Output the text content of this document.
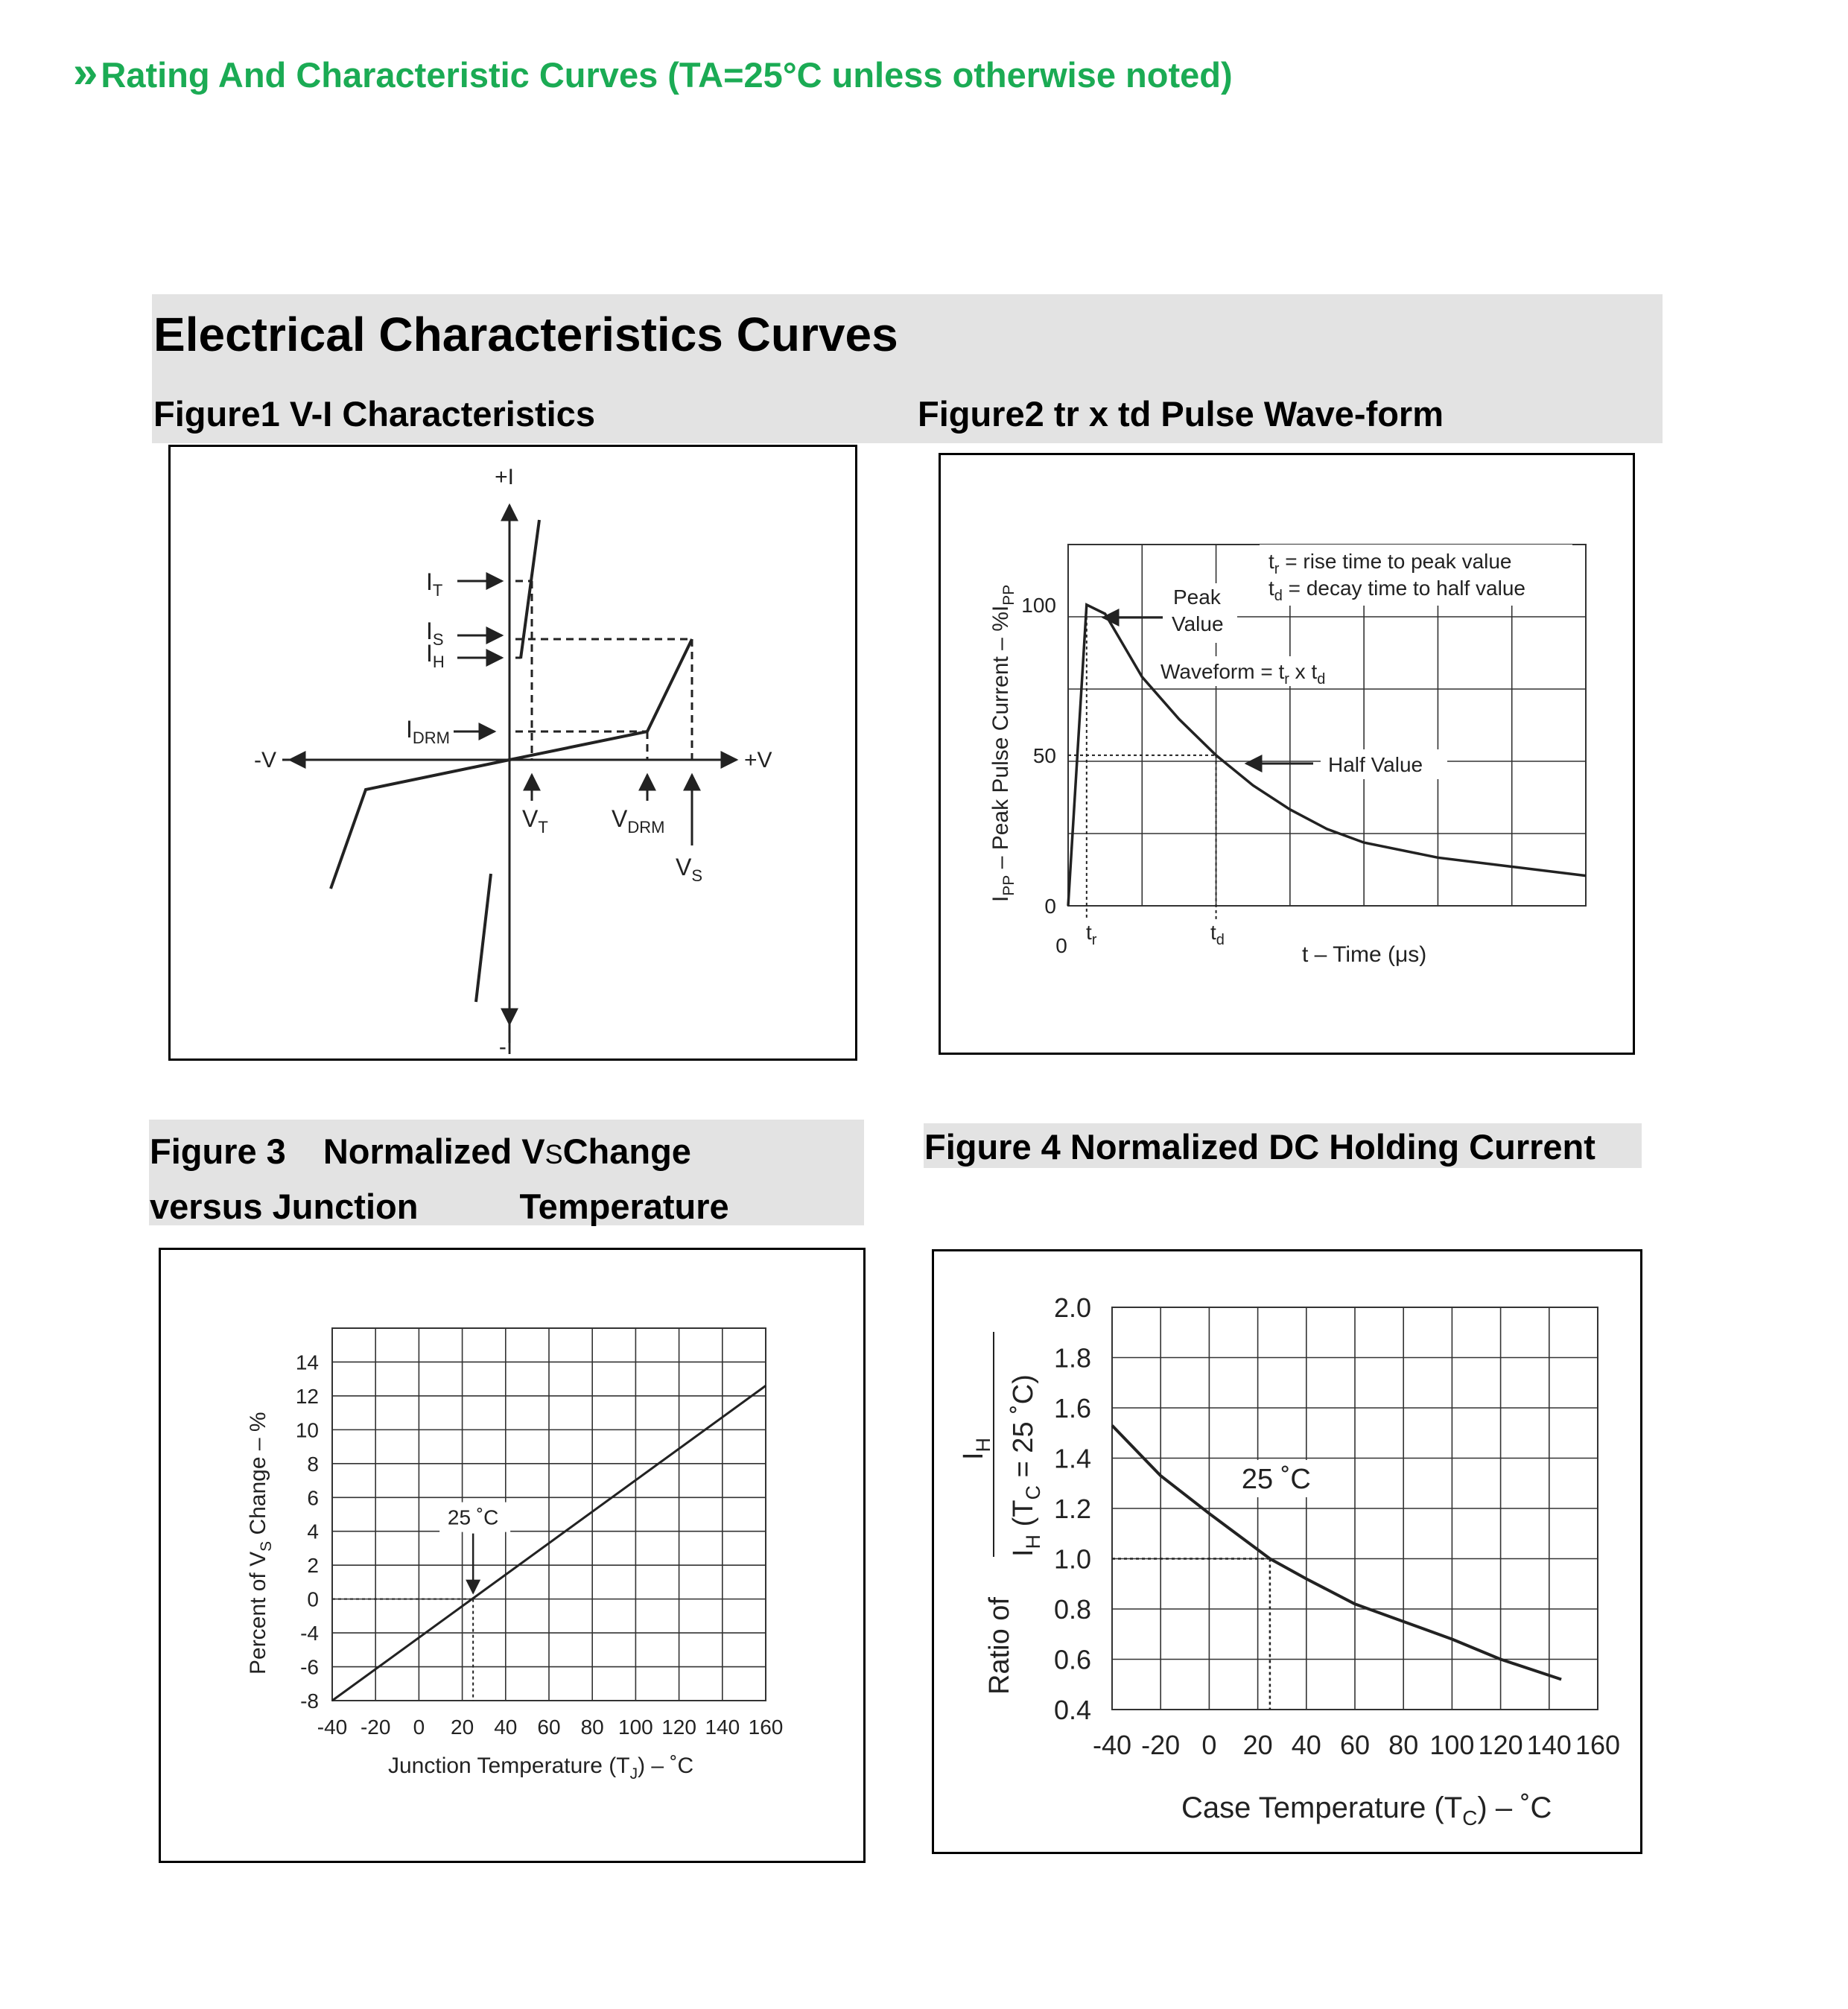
»Rating And Characteristic Curves (TA=25°C unless otherwise noted)
Electrical Characteristics Curves
Figure1 V-I Characteristics	Figure2 tr x td Pulse Wave-form
Figure 3 Normalized VSChange
versus Junction	Temperature
Figure 4 Normalized DC Holding Current
+I
-I
-V	+V
$I_T$
$I_S$
$I_H$
$I_{DRM}$
$V_T$	$V_{DRM}$
$V_S$
0
50
100
$I_{PP}$ – Peak Pulse Current – $\%I_{PP}$
t – Time (μs)
0
$t_r$	$t_d$
$t_r$ = rise time to peak value
$t_d$ = decay time to half value
Peak
Value
Waveform = $t_r$ x $t_d$
Half Value
-8
-6
-4
0
2
4
6
8
10
12
14
-40 -20 0 20 40 60 80 100 120 140 160
25 ˚C
Percent of $V_S$ Change – %
Junction Temperature $(T_J)$ – ˚C
0.4
0.6
0.8
1.0
1.2
1.4
1.6
1.8
2.0
-40 -20 0 20 40 60 80 100 120 140 160
25 ˚C
Ratio of
$I_H$
$I_H$ ($T_C = 25$ ˚C)
Case Temperature $(T_C)$ – ˚C
